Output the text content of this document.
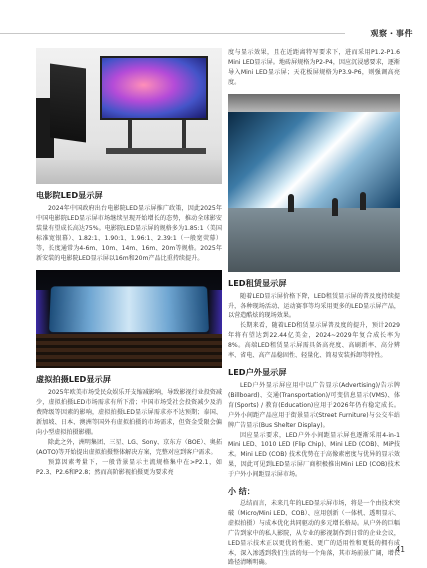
观察・事件
电影院LED显示屏

2024年中国政府出台电影院LED显示屏推广政策，因此2025年中国电影院LED显示屏市场继续呈现开始增长的态势，推动全球影安装量有望成长高达75%。电影院LED显示屏的规格多为1.85:1（美国标准宽银幕）、1.82:1、1.90:1、1.96:1、2.39:1（一般宽荧幕）等，长度通常为4-6m、10m、14m、16m、20m等规格。2025年新安装的电影院LED显示屏以16m和20m产品比重持续提升。

虚拟拍摄LED显示屏

2025年欧美市场受民众娱乐开支缩减影响，导致影视行业投资减少，虚拟拍摄LED市场需求有所下滑；中国市场受社会投资减少及消费降级等因素的影响，虚拟拍摄LED显示屏需求亦不达预期；泰国、新加坡、日本、澳洲等国外有虚拟拍摄的市场需求，但资金受限会偏向小型虚拟拍摄影棚。

除此之外，洲明集团、三星、LG、Sony、京东方（BOE）、奥拓(AOTO)等开始提出虚拟拍摄整体解决方案，完整对应到客户需求。

预算因素考量下，一般背景显示主流规格集中在>P2.1，如P2.3、P2.6和P2.8；然而高阶影视拍摄更为要求亮

度与显示效果，且在近距离特写要求下，进而采用P1.2-P1.6 Mini LED显示屏。地砖屏规格为P2-P4，因应沉浸感要求，逐渐导入Mini LED显示屏；天花板屏规格为P3.9-P6，则强调高亮度。

LED租赁显示屏

随着LED显示屏价格下降，LED租赁显示屏的普及度持续提升，各种现场活动、运动赛事等均采用更多的LED显示屏产品，以营造酷炫的现场效果。

长期来看，随着LED租赁显示屏普及度的提升，预计2029年将有望达到22.44亿美金，2024~2029年复合成长率为8%。高端LED租赁显示屏需具备高亮度、高刷新率、高分辨率、省电、高产品稳固性、轻量化、简易安装拆卸等特性。

LED户外显示屏

LED户外显示屏应用中以广告显示(Advertising)/告示牌(Billboard)、交通(Transportation)/可变信息显示(VMS)、体育(Sports) / 教育(Education)应用于2026年仍有稳定成长。户外小间距产品应用于街景显示(Street Furniture)与公交车站牌广告显示(Bus Shelter Display)。

因应显示要求，LED户外小间距显示屏也逐渐采用4-in-1 Mini LED、1010 LED (Flip Chip)、Mini LED (COB)、MiP技术。Mini LED (COB) 技术优势在于高像素密度与优异的显示效果，因此可见到LED显示屏厂商积极推出Mini LED (COB)技术于户外小间距显示屏市场。

小 结：

总结而言，未来几年的LED显示屏市场，将是一个由技术突破（Micro/Mini LED、COB）、应用创新（一体机、透明显示、虚拟拍摄）与成本优化共同驱动的多元增长格局。从户外的巨幅广告到家中的私人影院，从专业的影视制作到日常的企业会议，LED显示技术正以更优的性能、更广的适用性和更低的拥有成本，深入渗透到我们生活的每一个角落，其市场前景广阔，增长路径清晰明确。

41
